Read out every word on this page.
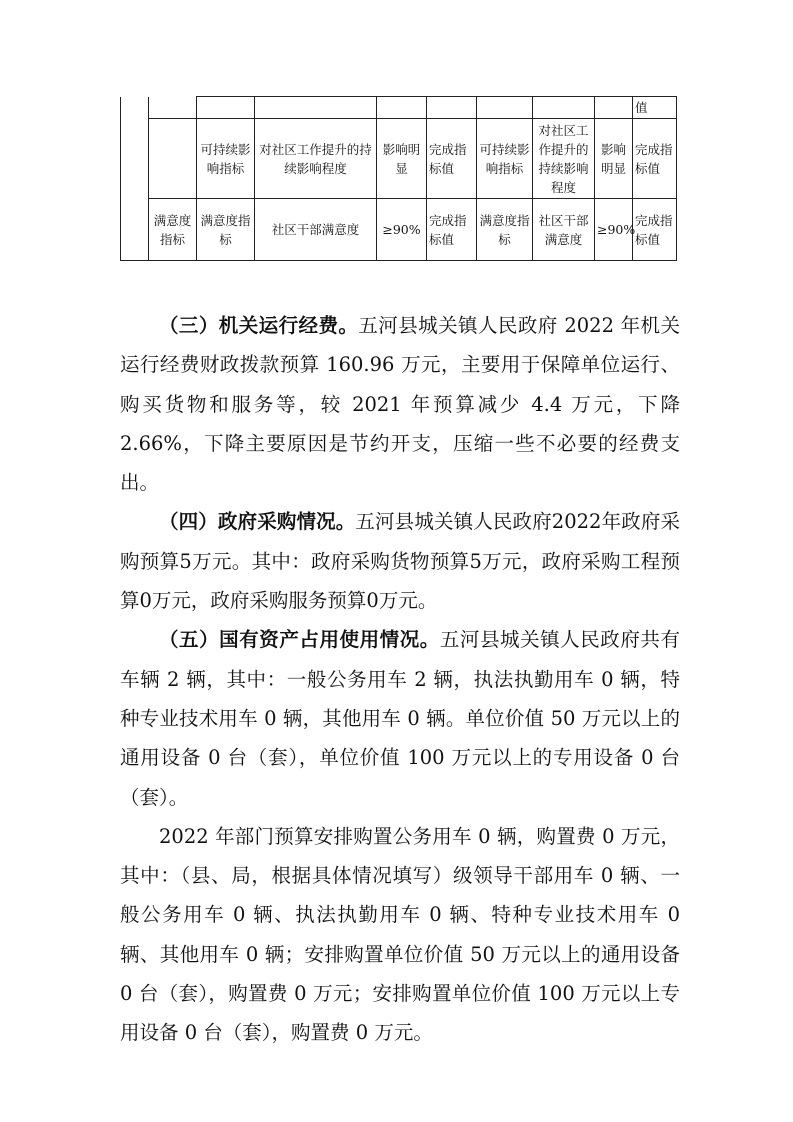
									值
		可持续影响指标	对社区工作提升的持续影响程度	影响明显	完成指标值	可持续影响指标	对社区工作提升的持续影响程度	影响明显	完成指标值
	满意度指标	满意度指标	社区干部满意度	≥90%	完成指标值	满意度指标	社区干部满意度	≥90%	完成指标值

（三）机关运行经费。五河县城关镇人民政府 2022 年机关运行经费财政拨款预算 160.96 万元，主要用于保障单位运行、购买货物和服务等，较 2021 年预算减少 4.4 万元，下降 2.66%，下降主要原因是节约开支，压缩一些不必要的经费支出。

（四）政府采购情况。五河县城关镇人民政府2022年政府采购预算5万元。其中：政府采购货物预算5万元，政府采购工程预算0万元，政府采购服务预算0万元。

（五）国有资产占用使用情况。五河县城关镇人民政府共有车辆 2 辆，其中：一般公务用车 2 辆，执法执勤用车 0 辆，特种专业技术用车 0 辆，其他用车 0 辆。单位价值 50 万元以上的通用设备 0 台（套），单位价值 100 万元以上的专用设备 0 台（套）。

2022 年部门预算安排购置公务用车 0 辆，购置费 0 万元，其中：（县、局，根据具体情况填写）级领导干部用车 0 辆、一般公务用车 0 辆、执法执勤用车 0 辆、特种专业技术用车 0 辆、其他用车 0 辆；安排购置单位价值 50 万元以上的通用设备 0 台（套），购置费 0 万元；安排购置单位价值 100 万元以上专用设备 0 台（套），购置费 0 万元。
